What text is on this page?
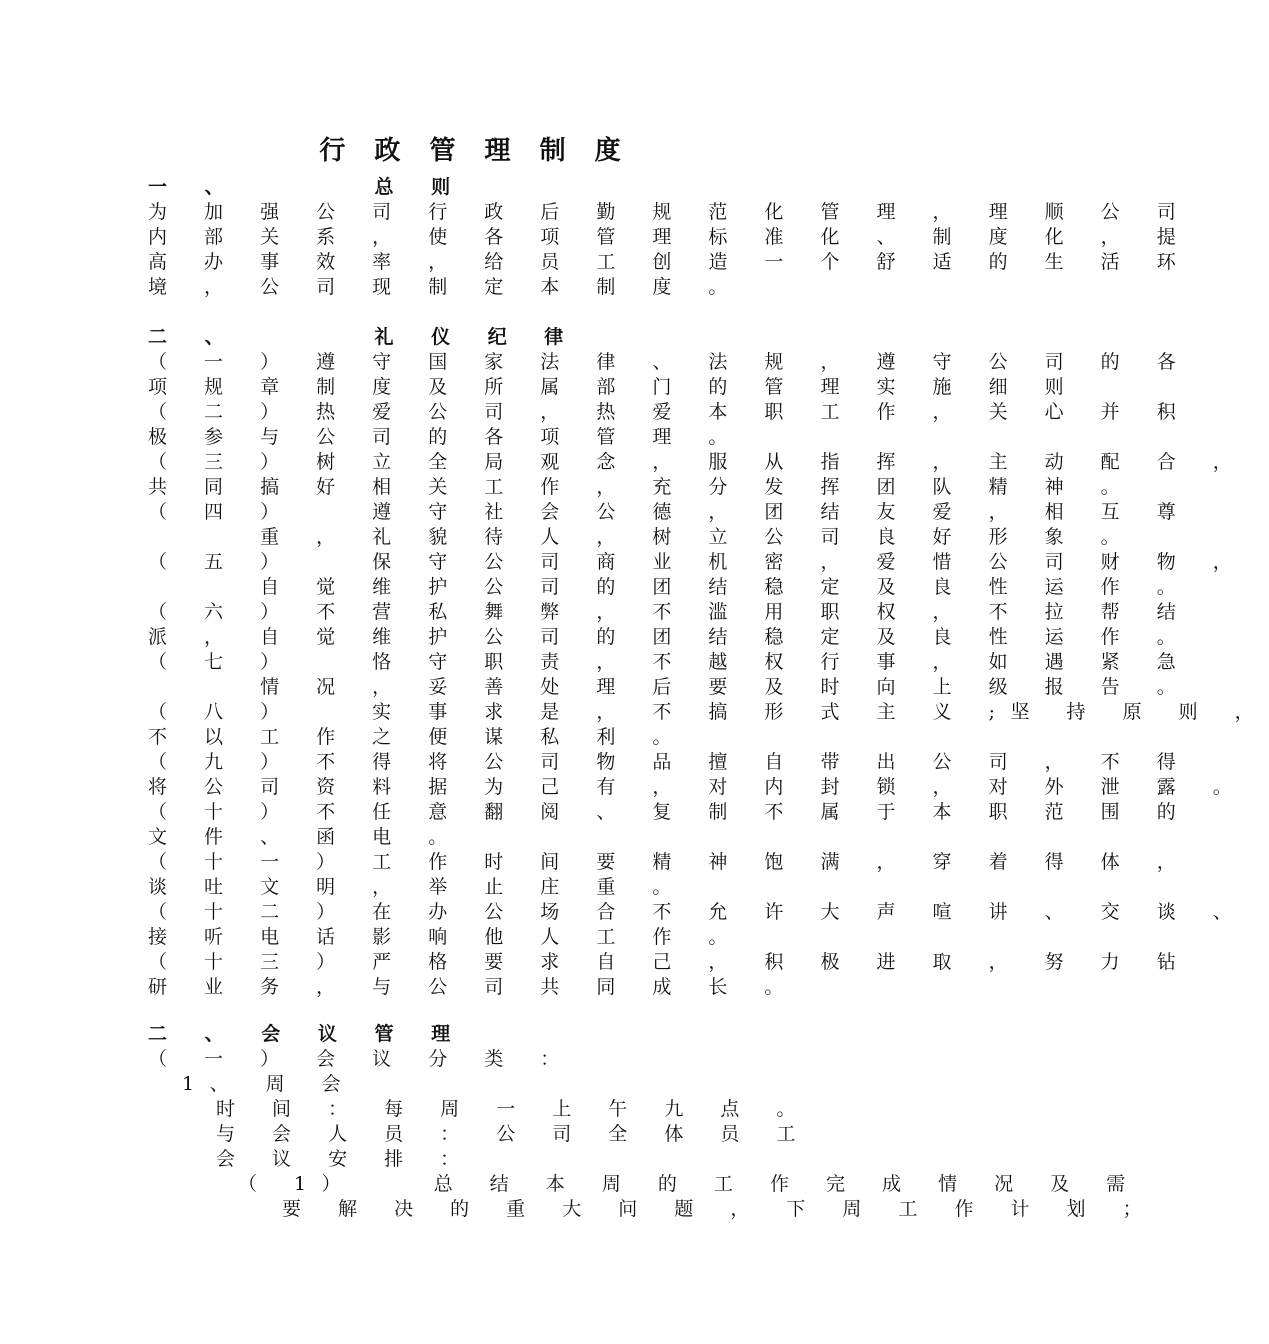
行 政 管 理 制 度
一 、 　 　 总 则
为 加 强 公 司 行 政 后 勤 规 范 化 管 理 ， 理 顺 公 司
内 部 关 系 ， 使 各 项 管 理 标 准 化 、 制 度 化 ， 提
高 办 事 效 率 ， 给 员 工 创 造 一 个 舒 适 的 生 活 环
境 ， 公 司 现 制 定 本 制 度 。
二 、 　 　 礼 仪 纪 律
（ 一 ） 遵 守 国 家 法 律 、 法 规 ， 遵 守 公 司 的 各
项 规 章 制 度 及 所 属 部 门 的 管 理 实 施 细 则
（ 二 ） 热 爱 公 司 ， 热 爱 本 职 工 作 ， 关 心 并 积
极 参 与 公 司 的 各 项 管 理 。
（ 三 ） 树 立 全 局 观 念 ， 服 从 指 挥 ， 主 动 配 合 ，
共 同 搞 好 相 关 工 作 ， 充 分 发 挥 团 队 精 神 。
（ 四 ） 　 遵 守 社 会 公 德 ， 团 结 友 爱 ， 相 互 尊
　 　 重 ， 礼 貌 待 人 ， 树 立 公 司 良 好 形 象 。
（ 五 ） 　 保 守 公 司 商 业 机 密 ， 爱 惜 公 司 财 物 ，
　 　 自 觉 维 护 公 司 的 团 结 稳 定 及 良 性 运 作 。
（ 六 ） 不 营 私 舞 弊 ， 不 滥 用 职 权 ， 不 拉 帮 结
派 ， 自 觉 维 护 公 司 的 团 结 稳 定 及 良 性 运 作 。
（ 七 ） 　 恪 守 职 责 ， 不 越 权 行 事 ， 如 遇 紧 急
　 　 情 况 ， 妥 善 处 理 后 要 及 时 向 上 级 报 告 。
（ 八 ） 　 实 事 求 是 ， 不 搞 形 式 主 义 ;坚 持 原 则 ，
不 以 工 作 之 便 谋 私 利 。
（ 九 ） 不 得 将 公 司 物 品 擅 自 带 出 公 司 ， 不 得
将 公 司 资 料 据 为 己 有 ， 对 内 封 锁 ， 对 外 泄 露 。
（ 十 ） 不 任 意 翻 阅 、 复 制 不 属 于 本 职 范 围 的
文 件 、 函 电 。
（ 十 一 ） 工 作 时 间 要 精 神 饱 满 ， 穿 着 得 体 ，
谈 吐 文 明 ， 举 止 庄 重 。
（ 十 二 ） 在 办 公 场 合 不 允 许 大 声 喧 讲 、 交 谈 、
接 听 电 话 影 响 他 人 工 作 。
（ 十 三 ） 严 格 要 求 自 己 ， 积 极 进 取 ， 努 力 钻
研 业 务 ， 与 公 司 共 同 成 长 。
二 、 会 议 管 理
（ 一 ） 会 议 分 类 ：
1、 周 会
时 间 ： 每 周 一 上 午 九 点 。
与 会 人 员 ： 公 司 全 体 员 工
会 议 安 排 ：
（ 1） 　 总 结 本 周 的 工 作 完 成 情 况 及 需
要 解 决 的 重 大 问 题 ， 下 周 工 作 计 划 ；
